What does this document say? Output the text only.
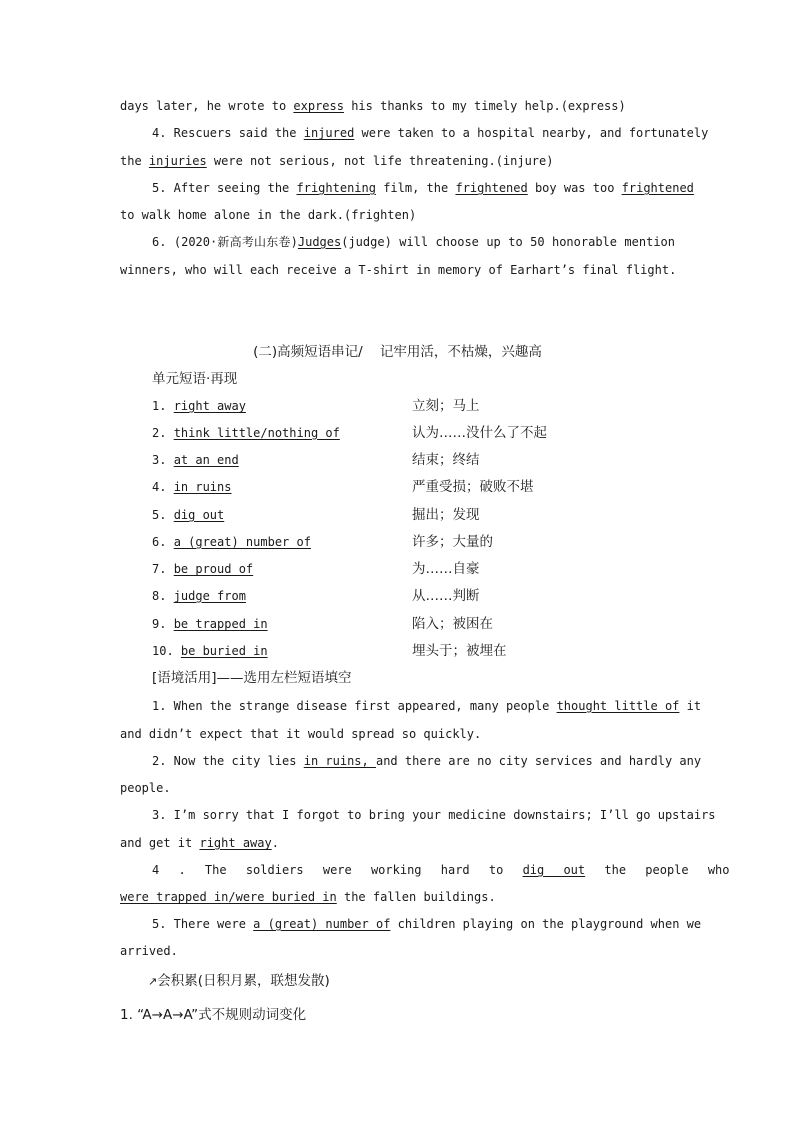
days later, he wrote to express his thanks to my timely help.(express)
4. Rescuers said the injured were taken to a hospital nearby, and fortunately
the injuries were not serious, not life threatening.(injure)
5. After seeing the frightening film, the frightened boy was too frightened
to walk home alone in the dark.(frighten)
6. (2020·新高考山东卷)Judges(judge) will choose up to 50 honorable mention
winners, who will each receive a T-shirt in memory of Earhart’s final flight.
(二)高频短语串记/    记牢用活，不枯燥，兴趣高
单元短语·再现
1. right away	立刻；马上
2. think little/nothing of	认为……没什么了不起
3. at an end	结束；终结
4. in ruins	严重受损；破败不堪
5. dig out	掘出；发现
6. a (great) number of	许多；大量的
7. be proud of	为……自豪
8. judge from	从……判断
9. be trapped in	陷入；被困在
10. be buried in	埋头于；被埋在
[语境活用]——选用左栏短语填空
1. When the strange disease first appeared, many people thought little of it
and didn’t expect that it would spread so quickly.
2. Now the city lies in ruins, and there are no city services and hardly any
people.
3. I’m sorry that I forgot to bring your medicine downstairs; I’ll go upstairs
and get it right away.
4 . The soldiers were working hard to dig out the people who
were trapped in/were buried in the fallen buildings.
5. There were a (great) number of children playing on the playground when we
arrived.
↗会积累(日积月累，联想发散)
1. “A→A→A”式不规则动词变化
